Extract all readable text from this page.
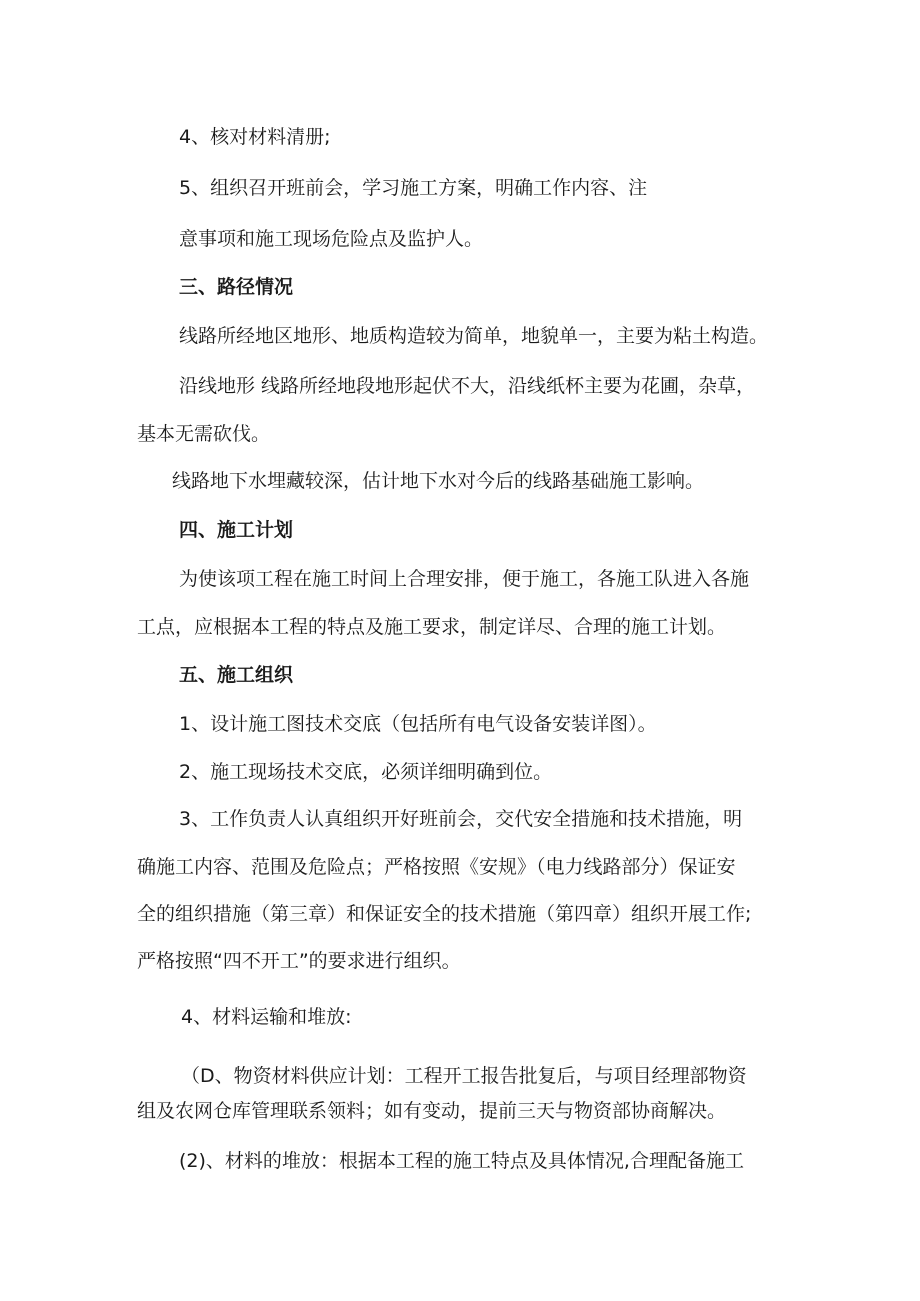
4、核对材料清册;

5、组织召开班前会，学习施工方案，明确工作内容、注

意事项和施工现场危险点及监护人。

三、路径情况

线路所经地区地形、地质构造较为简单，地貌单一，主要为粘土构造。

沿线地形 线路所经地段地形起伏不大，沿线纸杯主要为花圃，杂草，

基本无需砍伐。

线路地下水埋藏较深，估计地下水对今后的线路基础施工影响。

四、施工计划

为使该项工程在施工时间上合理安排，便于施工，各施工队进入各施

工点，应根据本工程的特点及施工要求，制定详尽、合理的施工计划。

五、施工组织

1、设计施工图技术交底（包括所有电气设备安装详图）。

2、施工现场技术交底，必须详细明确到位。

3、工作负责人认真组织开好班前会，交代安全措施和技术措施，明

确施工内容、范围及危险点；严格按照《安规》（电力线路部分）保证安

全的组织措施（第三章）和保证安全的技术措施（第四章）组织开展工作;

严格按照“四不开工”的要求进行组织。

4、材料运输和堆放:

（D、物资材料供应计划：工程开工报告批复后，与项目经理部物资

组及农网仓库管理联系领料；如有变动，提前三天与物资部协商解决。

(2)、材料的堆放：根据本工程的施工特点及具体情况,合理配备施工
